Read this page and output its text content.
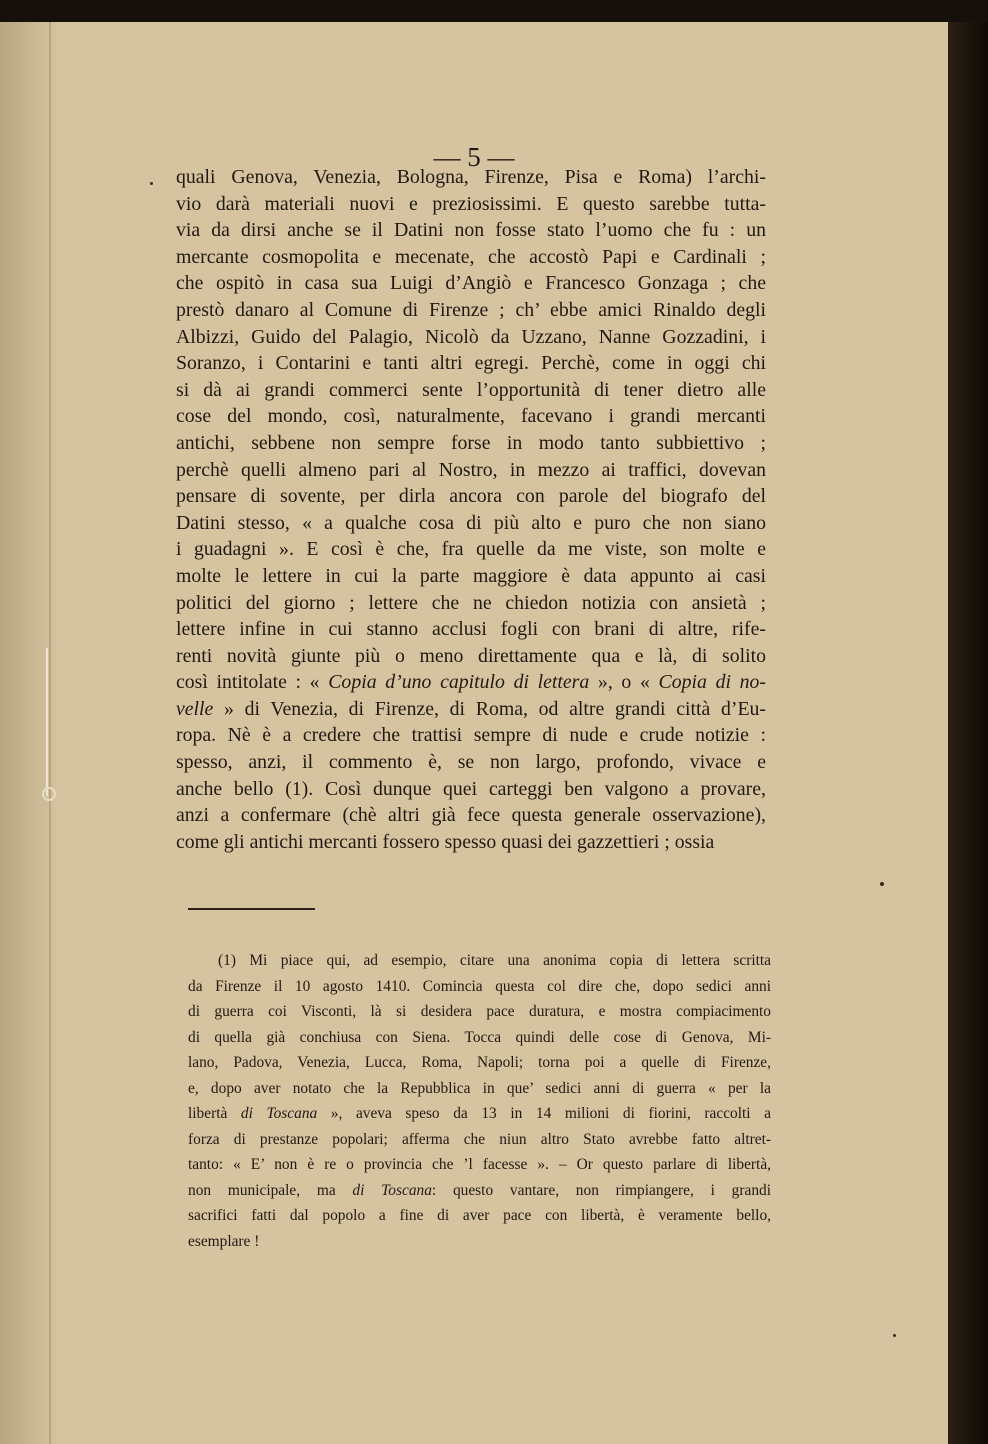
— 5 —
quali Genova, Venezia, Bologna, Firenze, Pisa e Roma) l’archi-
vio darà materiali nuovi e preziosissimi. E questo sarebbe tutta-
via da dirsi anche se il Datini non fosse stato l’uomo che fu : un
mercante cosmopolita e mecenate, che accostò Papi e Cardinali ;
che ospitò in casa sua Luigi d’Angiò e Francesco Gonzaga ; che
prestò danaro al Comune di Firenze ; ch’ ebbe amici Rinaldo degli
Albizzi, Guido del Palagio, Nicolò da Uzzano, Nanne Gozzadini, i
Soranzo, i Contarini e tanti altri egregi. Perchè, come in oggi chi
si dà ai grandi commerci sente l’opportunità di tener dietro alle
cose del mondo, così, naturalmente, facevano i grandi mercanti
antichi, sebbene non sempre forse in modo tanto subbiettivo ;
perchè quelli almeno pari al Nostro, in mezzo ai traffici, dovevan
pensare di sovente, per dirla ancora con parole del biografo del
Datini stesso, « a qualche cosa di più alto e puro che non siano
i guadagni ». E così è che, fra quelle da me viste, son molte e
molte le lettere in cui la parte maggiore è data appunto ai casi
politici del giorno ; lettere che ne chiedon notizia con ansietà ;
lettere infine in cui stanno acclusi fogli con brani di altre, rife-
renti novità giunte più o meno direttamente qua e là, di solito
così intitolate : « Copia d’uno capitulo di lettera », o « Copia di no-
velle » di Venezia, di Firenze, di Roma, od altre grandi città d’Eu-
ropa. Nè è a credere che trattisi sempre di nude e crude notizie :
spesso, anzi, il commento è, se non largo, profondo, vivace e
anche bello (1). Così dunque quei carteggi ben valgono a provare,
anzi a confermare (chè altri già fece questa generale osservazione),
come gli antichi mercanti fossero spesso quasi dei gazzettieri ; ossia
(1) Mi piace qui, ad esempio, citare una anonima copia di lettera scritta
da Firenze il 10 agosto 1410. Comincia questa col dire che, dopo sedici anni
di guerra coi Visconti, là si desidera pace duratura, e mostra compiacimento
di quella già conchiusa con Siena. Tocca quindi delle cose di Genova, Mi-
lano, Padova, Venezia, Lucca, Roma, Napoli; torna poi a quelle di Firenze,
e, dopo aver notato che la Repubblica in que’ sedici anni di guerra « per la
libertà di Toscana », aveva speso da 13 in 14 milioni di fiorini, raccolti a
forza di prestanze popolari; afferma che niun altro Stato avrebbe fatto altret-
tanto: « E’ non è re o provincia che ’l facesse ». – Or questo parlare di libertà,
non municipale, ma di Toscana: questo vantare, non rimpiangere, i grandi
sacrifici fatti dal popolo a fine di aver pace con libertà, è veramente bello,
esemplare !
